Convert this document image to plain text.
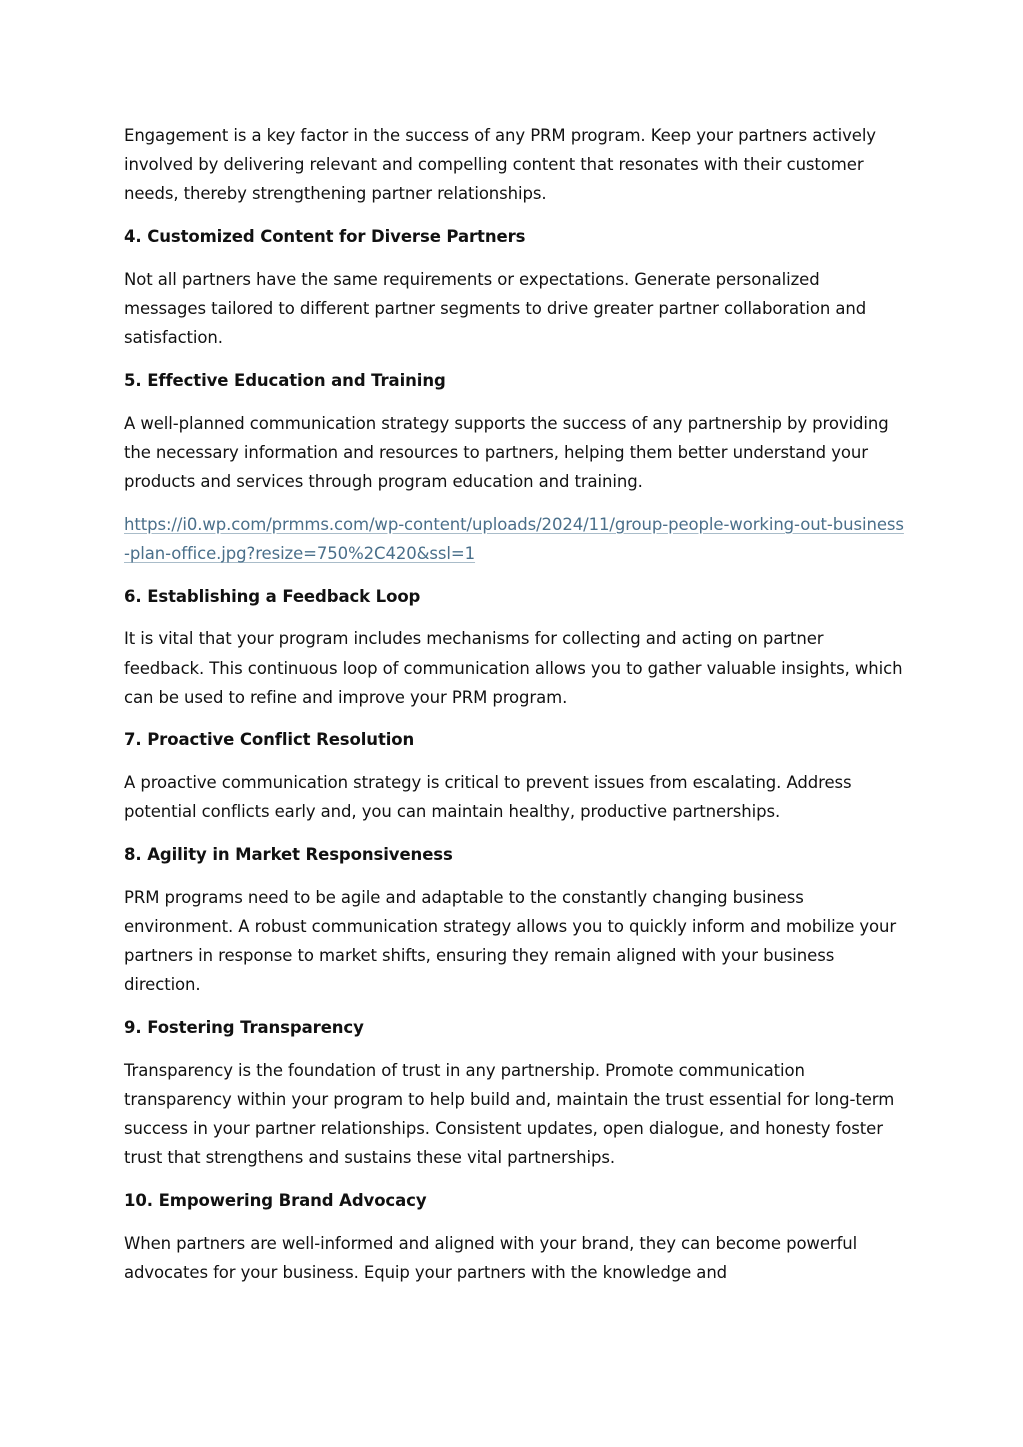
Engagement is a key factor in the success of any PRM program. Keep your partners actively involved by delivering relevant and compelling content that resonates with their customer needs, thereby strengthening partner relationships.

4. Customized Content for Diverse Partners

Not all partners have the same requirements or expectations. Generate personalized messages tailored to different partner segments to drive greater partner collaboration and satisfaction.

5. Effective Education and Training

A well-planned communication strategy supports the success of any partnership by providing the necessary information and resources to partners, helping them better understand your products and services through program education and training.

https://i0.wp.com/prmms.com/wp-content/uploads/2024/11/group-people-working-out-business-plan-office.jpg?resize=750%2C420&ssl=1
6. Establishing a Feedback Loop

It is vital that your program includes mechanisms for collecting and acting on partner feedback. This continuous loop of communication allows you to gather valuable insights, which can be used to refine and improve your PRM program.

7. Proactive Conflict Resolution

A proactive communication strategy is critical to prevent issues from escalating. Address potential conflicts early and, you can maintain healthy, productive partnerships.

8. Agility in Market Responsiveness

PRM programs need to be agile and adaptable to the constantly changing business environment. A robust communication strategy allows you to quickly inform and mobilize your partners in response to market shifts, ensuring they remain aligned with your business direction.

9. Fostering Transparency

Transparency is the foundation of trust in any partnership. Promote communication transparency within your program to help build and, maintain the trust essential for long-term success in your partner relationships. Consistent updates, open dialogue, and honesty foster trust that strengthens and sustains these vital partnerships.

10. Empowering Brand Advocacy

When partners are well-informed and aligned with your brand, they can become powerful advocates for your business. Equip your partners with the knowledge and
